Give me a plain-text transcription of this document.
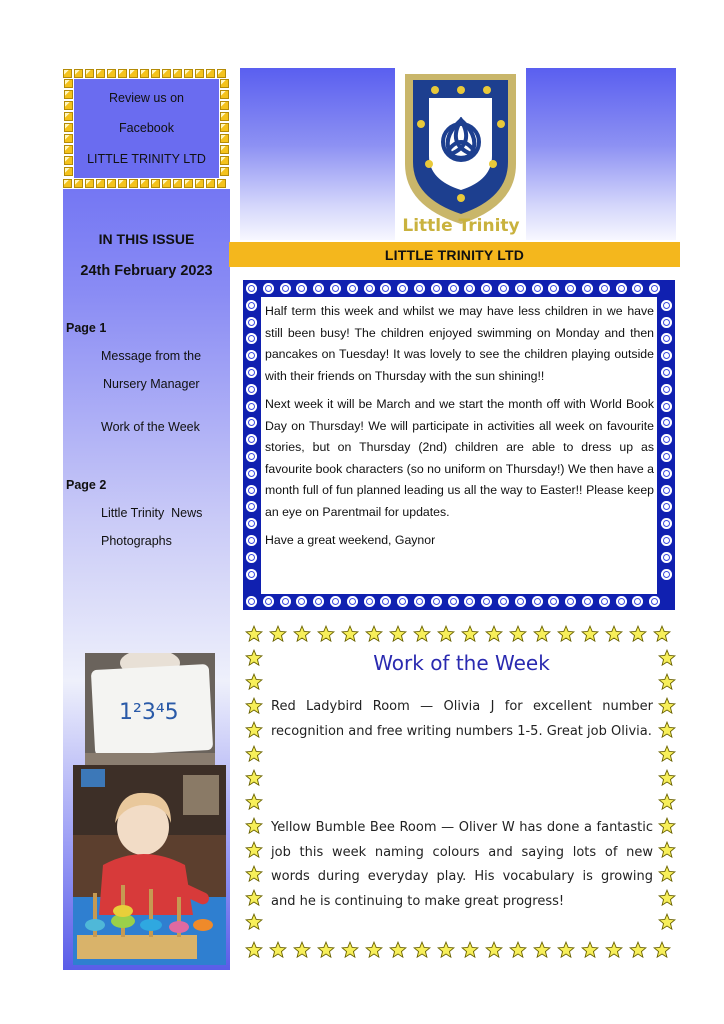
Review us on
Facebook
LITTLE TRINITY LTD
IN THIS ISSUE
24th February 2023
Page 1
Message from the
Nursery Manager
Work of the Week
Page 2
Little Trinity  News
Photographs
1²3⁴5
Little Trinity
LITTLE TRINITY LTD

Half term this week and whilst we may have less children in we have still been busy! The children enjoyed swimming on Monday and then pancakes on Tuesday! It was lovely to see the children playing outside with their friends on Thursday with the sun shining!!

Next week it will be March and we start the month off with World Book Day on Thursday! We will participate in activities all week on favourite stories, but on Thursday (2nd) children are able to dress up as favourite book characters (so no uniform on Thursday!) We then have a month full of fun planned leading us all the way to Easter!! Please keep an eye on Parentmail for updates.

Have a great weekend, Gaynor

Work of the Week
Red Ladybird Room — Olivia J for excellent number recognition and free writing numbers 1-5. Great job Olivia.
Yellow Bumble Bee Room — Oliver W has done a fantastic job this week naming colours and saying lots of new words during everyday play. His vocabulary is growing and he is continuing to make great progress!
